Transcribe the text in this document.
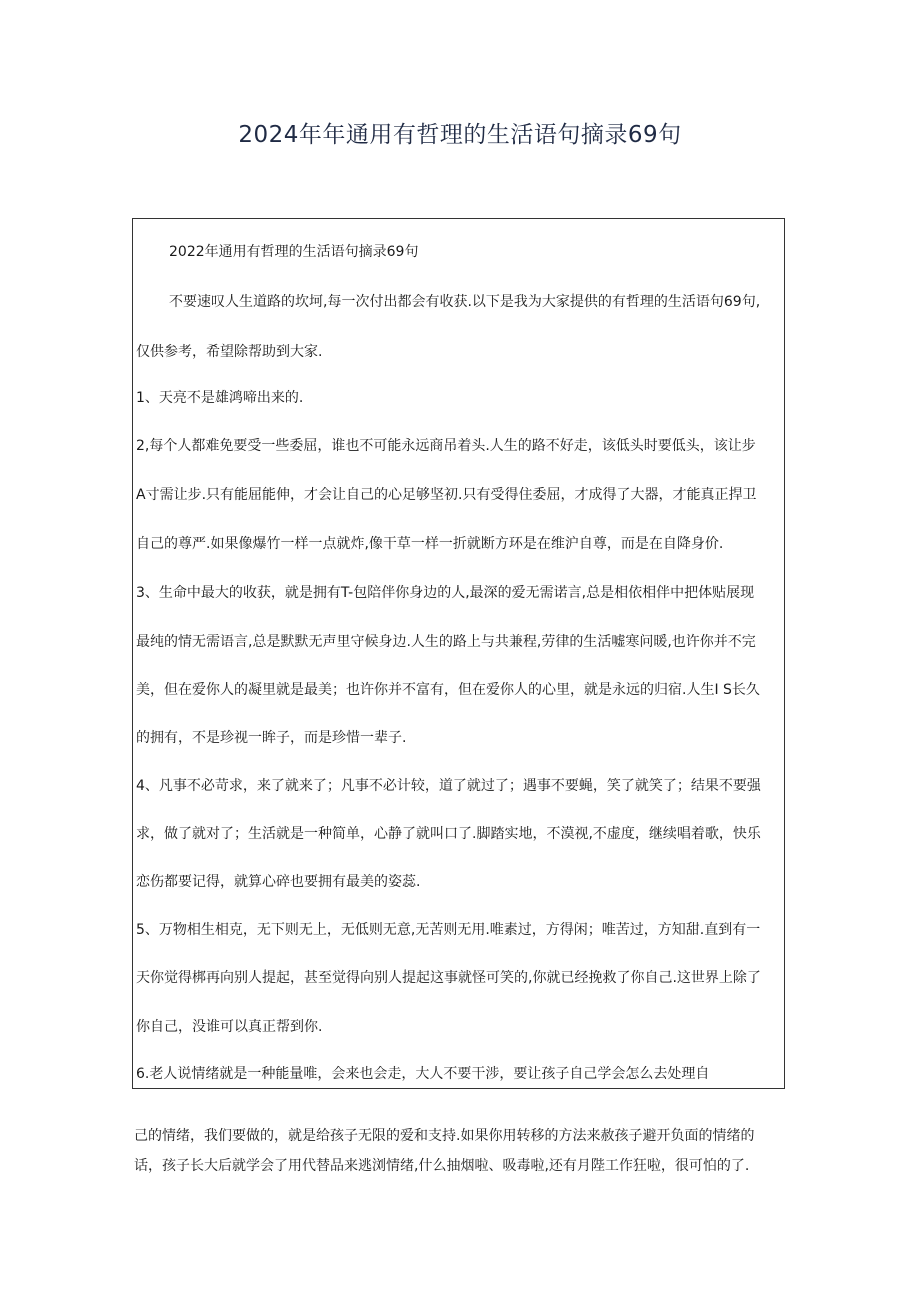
2024年年通用有哲理的生活语句摘录69句
2022年通用有哲理的生活语句摘录69句
不要速叹人生道路的坎坷,每一次付出都会有收获.以下是我为大家提供的有哲理的生活语句69句,
仅供参考，希望除帮助到大家.
1、天亮不是雄鸿啼出来的.
2,每个人都难免要受一些委屈，谁也不可能永远商吊着头.人生的路不好走，该低头时要低头，该让步
A寸需让步.只有能屈能伸，才会让自己的心足够坚初.只有受得住委屈，才成得了大器，才能真正捍卫
自己的尊严.如果像爆竹一样一点就炸,像干草一样一折就断方环是在维沪自尊，而是在自降身价.
3、生命中最大的收获，就是拥有T-包陪伴你身边的人,最深的爱无需诺言,总是相依相伴中把体贴展现
最纯的情无需语言,总是默默无声里守候身边.人生的路上与共兼程,劳律的生活嘘寒问暖,也许你并不完
美，但在爱你人的凝里就是最美；也许你并不富有，但在爱你人的心里，就是永远的归宿.人生I S长久
的拥有，不是珍视一眸子，而是珍惜一辈子.
4、凡事不必苛求，来了就来了；凡事不必计较，道了就过了；遇事不要蝇，笑了就笑了；结果不要强
求，做了就对了；生活就是一种简单，心静了就叫口了.脚踏实地，不漠视,不虚度，继续唱着歌，快乐
恋伤都要记得，就算心碎也要拥有最美的姿蕊.
5、万物相生相克，无下则无上，无低则无意,无苦则无用.唯素过，方得闲；唯苦过，方知甜.直到有一
天你觉得梆再向别人提起，甚至觉得向别人提起这事就怪可笑的,你就已经挽救了你自己.这世界上除了
你自己，没谁可以真正帮到你.
6.老人说情绪就是一种能量唯，会来也会走，大人不要干涉，要让孩子自己学会怎么去处理自
己的情绪，我们要做的，就是给孩子无限的爱和支持.如果你用转移的方法来赦孩子避开负面的情绪的
话，孩子长大后就学会了用代替品来逃浏情绪,什么抽烟啦、吸毒啦,还有月陛工作狂啦，很可怕的了.
